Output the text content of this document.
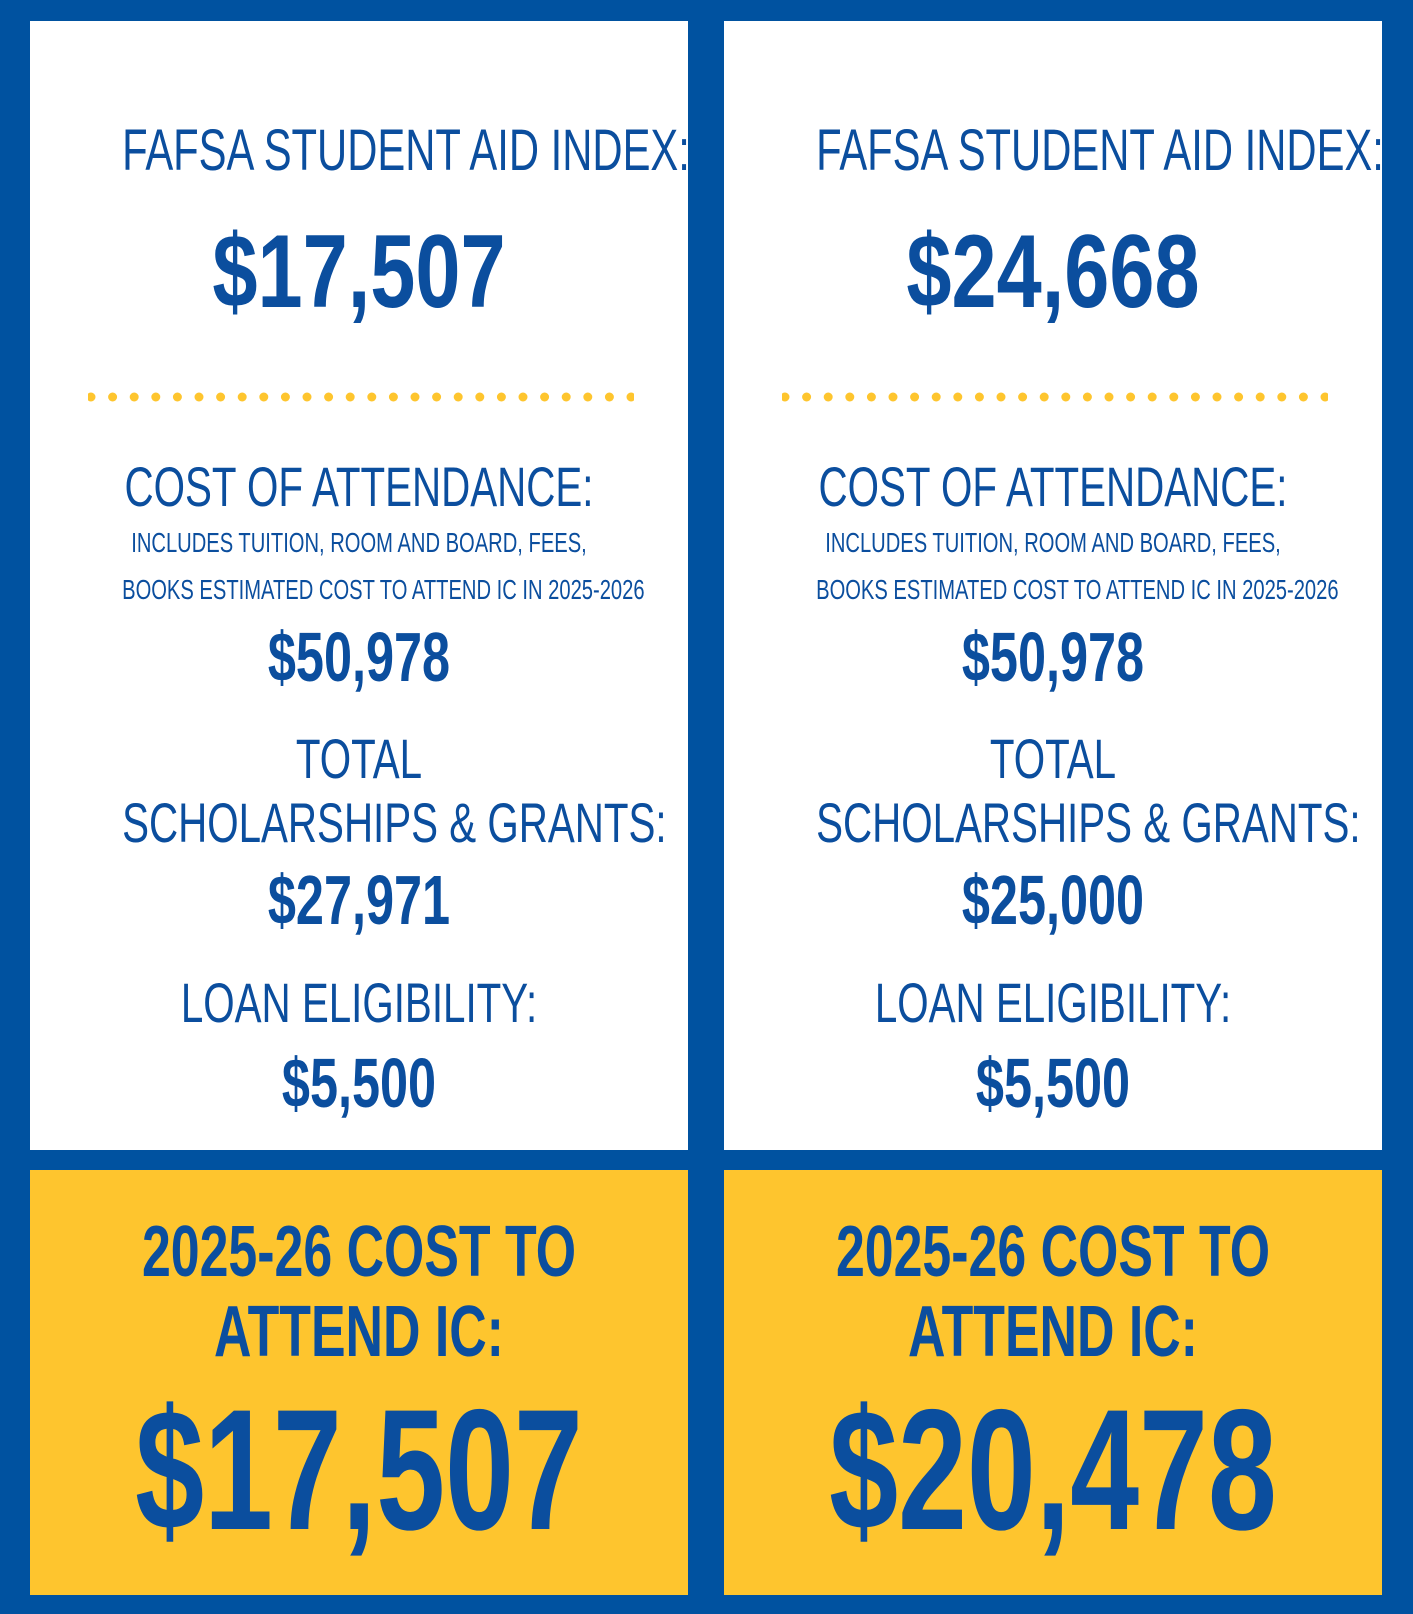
FAFSA STUDENT AID INDEX:
$17,507
COST OF ATTENDANCE:
INCLUDES TUITION, ROOM AND BOARD, FEES,
BOOKS ESTIMATED COST TO ATTEND IC IN 2025-2026
$50,978
TOTAL
SCHOLARSHIPS & GRANTS:
$27,971
LOAN ELIGIBILITY:
$5,500
FAFSA STUDENT AID INDEX:
$24,668
COST OF ATTENDANCE:
INCLUDES TUITION, ROOM AND BOARD, FEES,
BOOKS ESTIMATED COST TO ATTEND IC IN 2025-2026
$50,978
TOTAL
SCHOLARSHIPS & GRANTS:
$25,000
LOAN ELIGIBILITY:
$5,500
2025-26 COST TO
ATTEND IC:
$17,507
2025-26 COST TO
ATTEND IC:
$20,478
